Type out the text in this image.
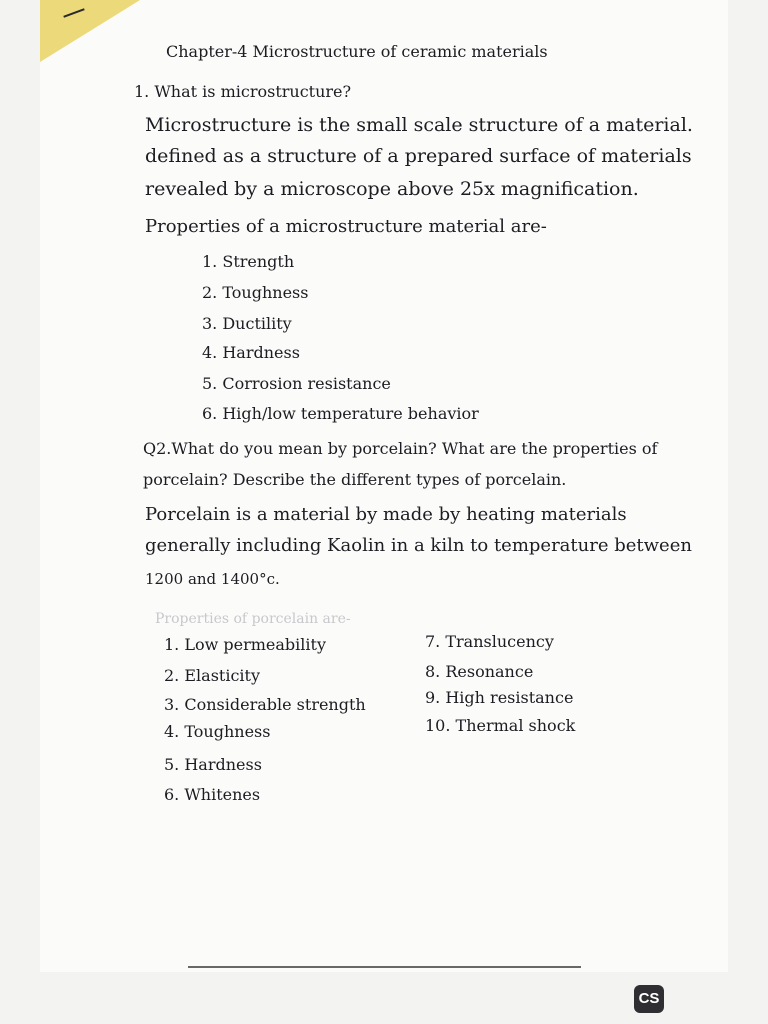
Chapter-4 Microstructure of ceramic materials
1. What is microstructure?
Microstructure is the small scale structure of a material.
defined as a structure of a prepared surface of materials
revealed by a microscope above 25x magnification.
Properties of a microstructure material are-
1. Strength
2. Toughness
3. Ductility
4. Hardness
5. Corrosion resistance
6. High/low temperature behavior
Q2.What do you mean by porcelain? What are the properties of
porcelain? Describe the different types of porcelain.
Porcelain is a material by made by heating materials
generally including Kaolin in a kiln to temperature between
1200 and 1400°c.
Properties of porcelain are-
1. Low permeability
2. Elasticity
3. Considerable strength
4. Toughness
5. Hardness
6. Whitenes
7. Translucency
8. Resonance
9. High resistance
10. Thermal shock
CS
